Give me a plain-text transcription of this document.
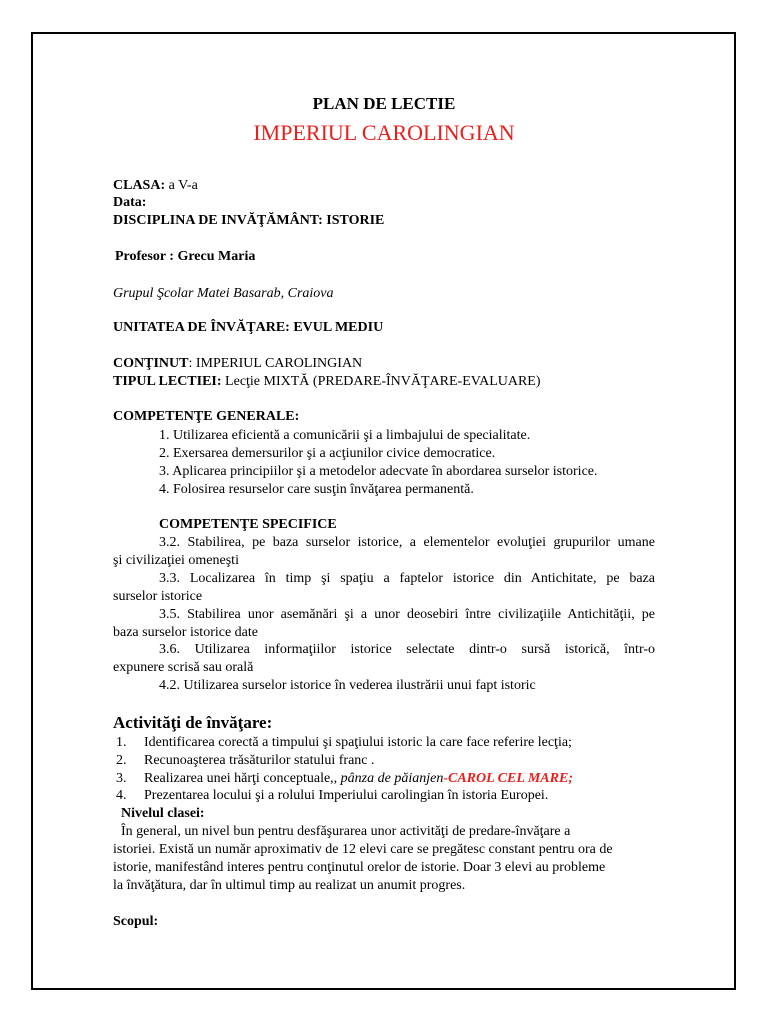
PLAN DE LECTIE
IMPERIUL CAROLINGIAN
CLASA: a V-a
Data:
DISCIPLINA DE INVĂŢĂMÂNT: ISTORIE
Profesor : Grecu Maria
Grupul Şcolar Matei Basarab, Craiova
UNITATEA DE ÎNVĂŢARE: EVUL MEDIU
CONŢINUT: IMPERIUL CAROLINGIAN
TIPUL LECTIEI: Lecţie MIXTĂ (PREDARE-ÎNVĂŢARE-EVALUARE)
COMPETENŢE GENERALE:
1. Utilizarea eficientă a comunicării şi a limbajului de specialitate.
2. Exersarea demersurilor şi a acţiunilor civice democratice.
3. Aplicarea principiilor şi a metodelor adecvate în abordarea surselor istorice.
4. Folosirea resurselor care susţin învăţarea permanentă.
COMPETENŢE SPECIFICE
3.2. Stabilirea, pe baza surselor istorice, a elementelor evoluţiei grupurilor umane
şi civilizaţiei omeneşti
3.3. Localizarea în timp şi spaţiu a faptelor istorice din Antichitate, pe baza
surselor istorice
3.5. Stabilirea unor asemănări şi a unor deosebiri între civilizaţiile Antichităţii, pe
baza surselor istorice date
3.6. Utilizarea informaţiilor istorice selectate dintr-o sursă istorică, într-o
expunere scrisă sau orală
4.2. Utilizarea surselor istorice în vederea ilustrării unui fapt istoric
Activităţi de învăţare:
1. Identificarea corectă a timpului şi spaţiului istoric la care face referire lecţia;
2. Recunoaşterea trăsăturilor statului franc .
3. Realizarea unei hărţi conceptuale,, pânza de păianjen-CAROL CEL MARE;
4. Prezentarea locului şi a rolului Imperiului carolingian în istoria Europei.
Nivelul clasei:
În general, un nivel bun pentru desfăşurarea unor activităţi de predare-învăţare a
istoriei. Există un număr aproximativ de 12 elevi care se pregătesc constant pentru ora de
istorie, manifestând interes pentru conţinutul orelor de istorie. Doar 3 elevi au probleme
la învăţătura, dar în ultimul timp au realizat un anumit progres.
Scopul:
